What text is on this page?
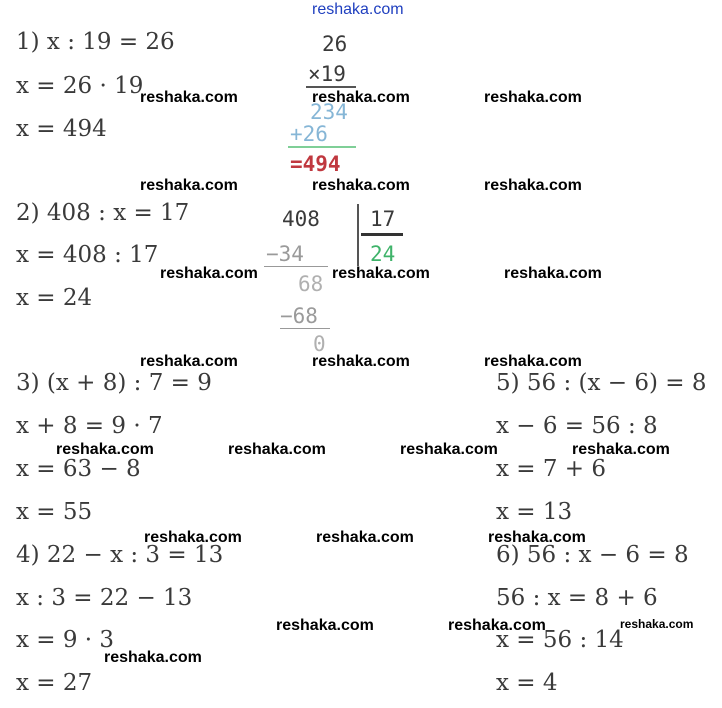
reshaka.com
1) x : 19 = 26
x = 26 · 19
x = 494
26
×19
234
+26
=494
2) 408 : x = 17
x = 408 : 17
x = 24
408 17
24
−34
68
−68
0
3) (x + 8) : 7 = 9
x + 8 = 9 · 7
x = 63 − 8
x = 55
4) 22 − x : 3 = 13
x : 3 = 22 − 13
x = 9 · 3
x = 27
5) 56 : (x − 6) = 8
x − 6 = 56 : 8
x = 7 + 6
x = 13
6) 56 : x − 6 = 8
56 : x = 8 + 6
x = 56 : 14
x = 4
reshaka.com	reshaka.com	reshaka.com
reshaka.com	reshaka.com	reshaka.com
reshaka.com	reshaka.com	reshaka.com
reshaka.com	reshaka.com	reshaka.com
reshaka.com	reshaka.com	reshaka.com	reshaka.com
reshaka.com	reshaka.com	reshaka.com
reshaka.com	reshaka.com	reshaka.com
reshaka.com
